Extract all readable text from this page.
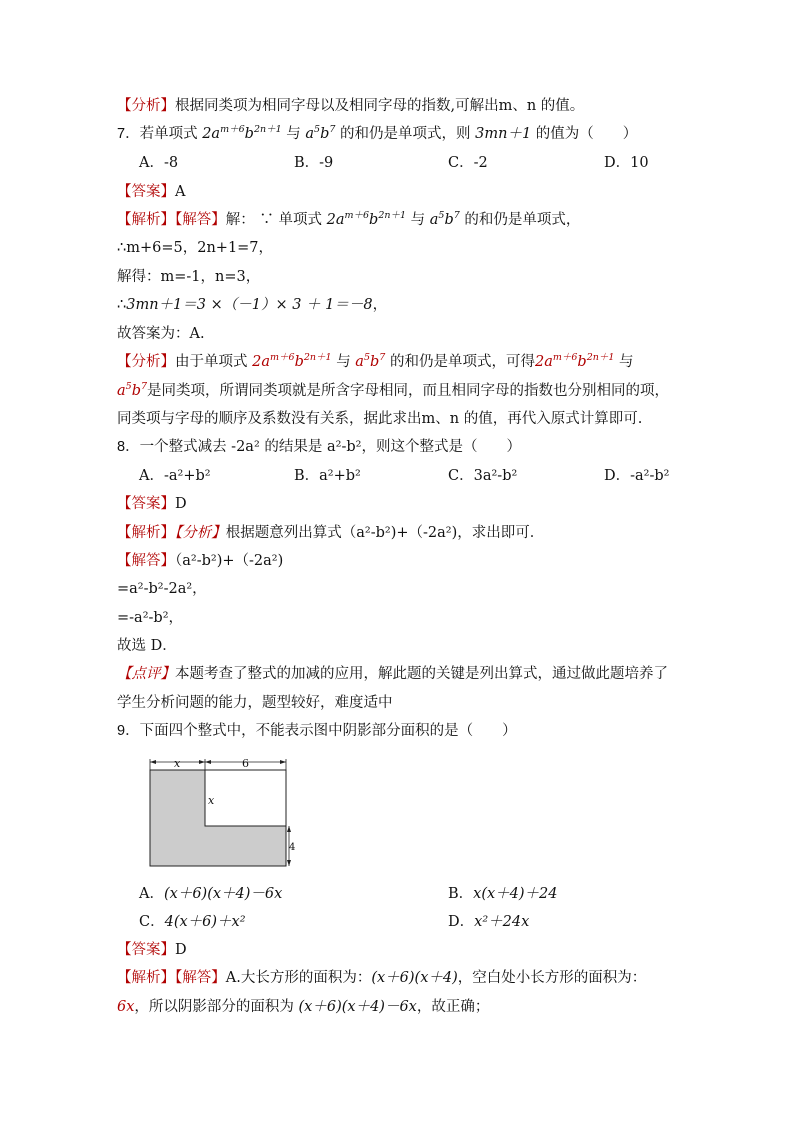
【分析】根据同类项为相同字母以及相同字母的指数,可解出m、n 的值。
7．若单项式 $2a^{m+6}b^{2n+1}$ 与 $a^5b^7$ 的和仍是单项式，则 3mn＋1 的值为（　　）
A．-8	B．-9	C．-2	D．10
【答案】A
【解析】【解答】解： ∵ 单项式 $2a^{m+6}b^{2n+1}$ 与 $a^5b^7$ 的和仍是单项式，
∴m+6=5，2n+1=7，
解得：m=-1，n=3，
∴3mn＋1＝3 ×（－1）× 3 ＋ 1＝－8，
故答案为：A.
【分析】由于单项式 $2a^{m+6}b^{2n+1}$ 与 $a^5b^7$ 的和仍是单项式，可得$2a^{m+6}b^{2n+1}$ 与
$a^5b^7$是同类项，所谓同类项就是所含字母相同，而且相同字母的指数也分别相同的项，
同类项与字母的顺序及系数没有关系，据此求出m、n 的值，再代入原式计算即可.
8．一个整式减去 -2a² 的结果是 a²-b²，则这个整式是（　　）
A．-a²+b²	B．a²+b²	C．3a²-b²	D．-a²-b²
【答案】D
【解析】【分析】根据题意列出算式（a²-b²)+（-2a²)，求出即可．
【解答】（a²-b²)+（-2a²)
=a²-b²-2a²，
=-a²-b²，
故选 D．
【点评】本题考查了整式的加减的应用，解此题的关键是列出算式，通过做此题培养了
学生分析问题的能力，题型较好，难度适中
9．下面四个整式中，不能表示图中阴影部分面积的是（　　）
x	6
x
4
A．(x＋6)(x＋4)－6x	B．x(x＋4)＋24
C．4(x＋6)＋x²	D．x²＋24x
【答案】D
【解析】【解答】A.大长方形的面积为：(x＋6)(x＋4)，空白处小长方形的面积为：
6x，所以阴影部分的面积为 (x＋6)(x＋4)－6x，故正确；
